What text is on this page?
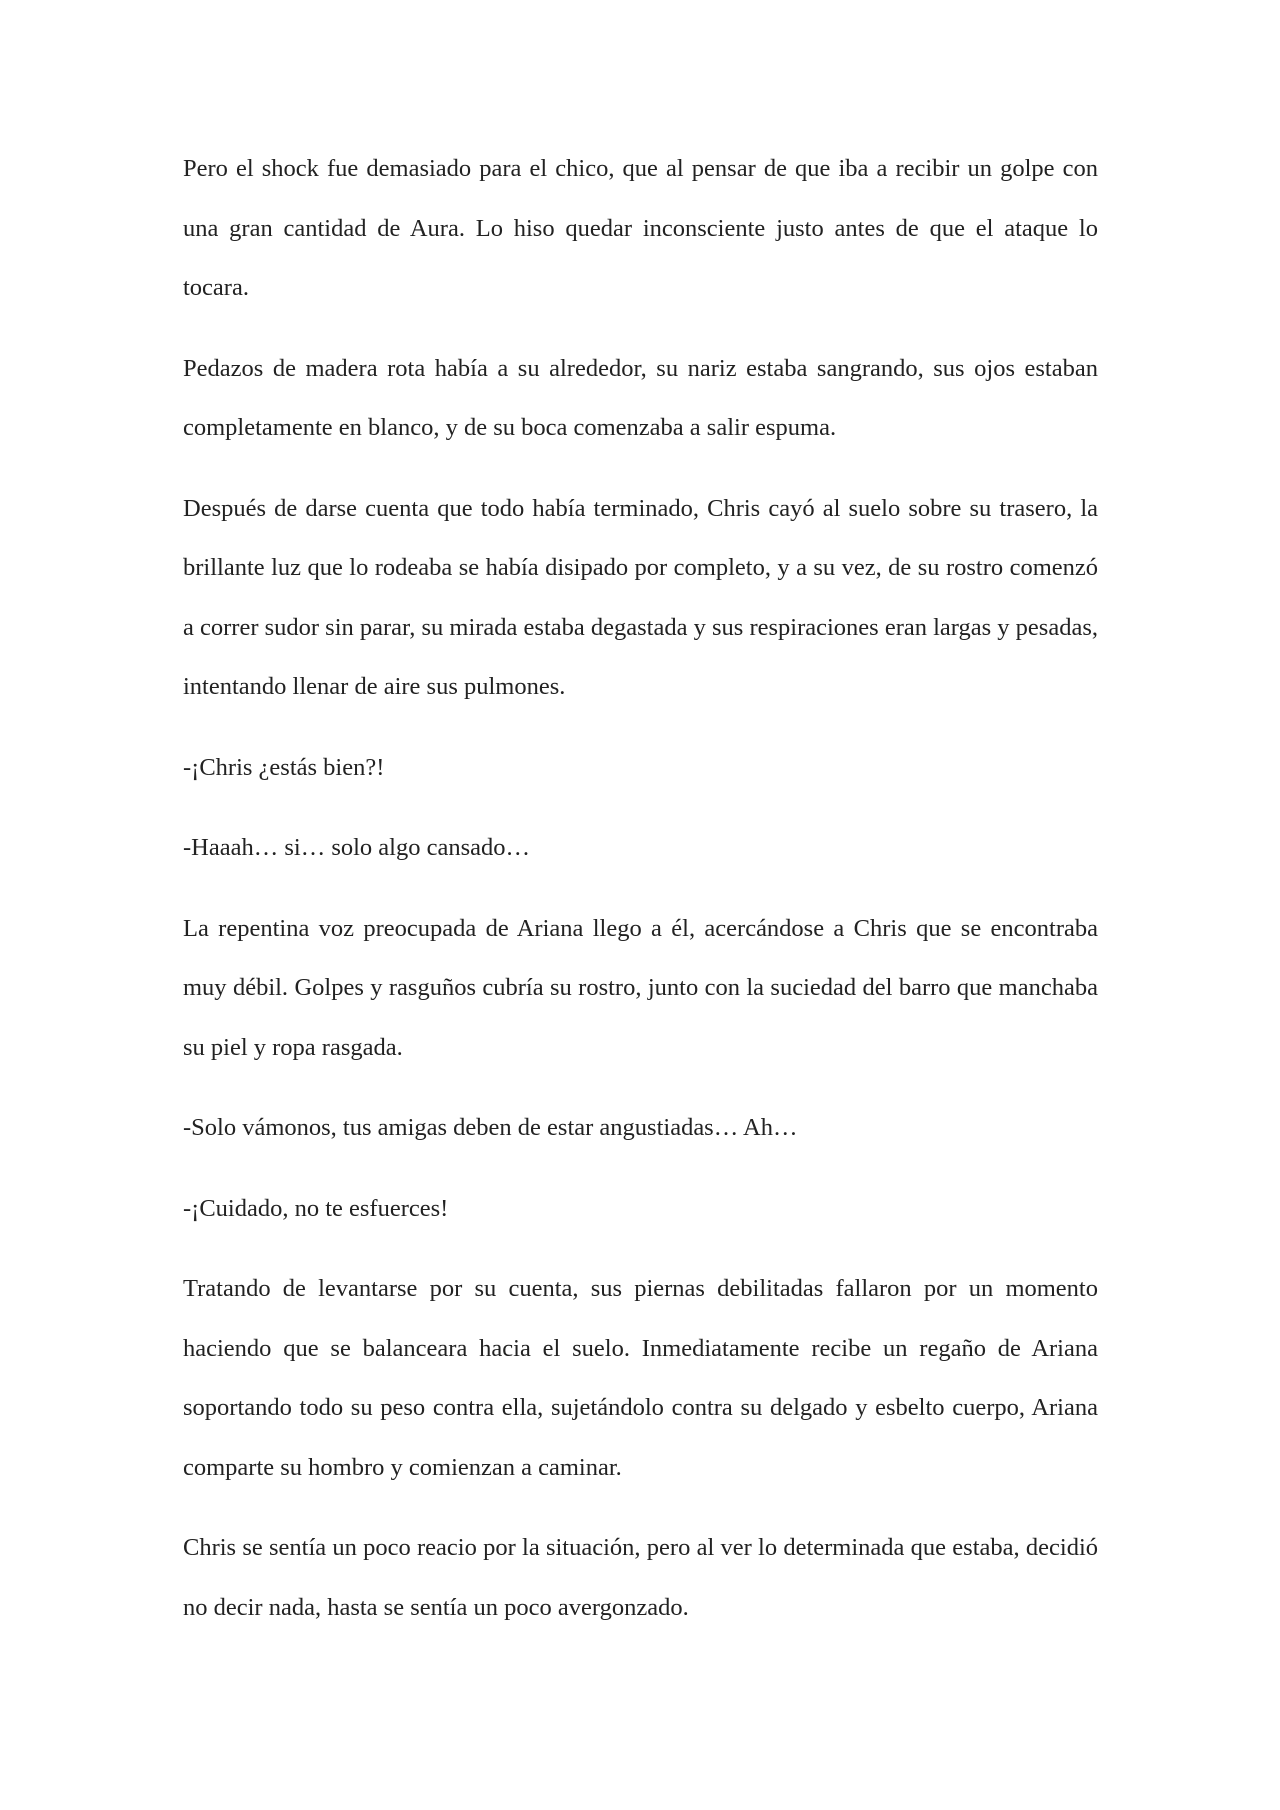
Pero el shock fue demasiado para el chico, que al pensar de que iba a recibir un golpe con una gran cantidad de Aura. Lo hiso quedar inconsciente justo antes de que el ataque lo tocara.

Pedazos de madera rota había a su alrededor, su nariz estaba sangrando, sus ojos estaban completamente en blanco, y de su boca comenzaba a salir espuma.

Después de darse cuenta que todo había terminado, Chris cayó al suelo sobre su trasero, la brillante luz que lo rodeaba se había disipado por completo, y a su vez, de su rostro comenzó a correr sudor sin parar, su mirada estaba degastada y sus respiraciones eran largas y pesadas, intentando llenar de aire sus pulmones.

-¡Chris ¿estás bien?!

-Haaah… si… solo algo cansado…

La repentina voz preocupada de Ariana llego a él, acercándose a Chris que se encontraba muy débil. Golpes y rasguños cubría su rostro, junto con la suciedad del barro que manchaba su piel y ropa rasgada.

-Solo vámonos, tus amigas deben de estar angustiadas… Ah…

-¡Cuidado, no te esfuerces!

Tratando de levantarse por su cuenta, sus piernas debilitadas fallaron por un momento haciendo que se balanceara hacia el suelo. Inmediatamente recibe un regaño de Ariana soportando todo su peso contra ella, sujetándolo contra su delgado y esbelto cuerpo, Ariana comparte su hombro y comienzan a caminar.

Chris se sentía un poco reacio por la situación, pero al ver lo determinada que estaba, decidió no decir nada, hasta se sentía un poco avergonzado.
